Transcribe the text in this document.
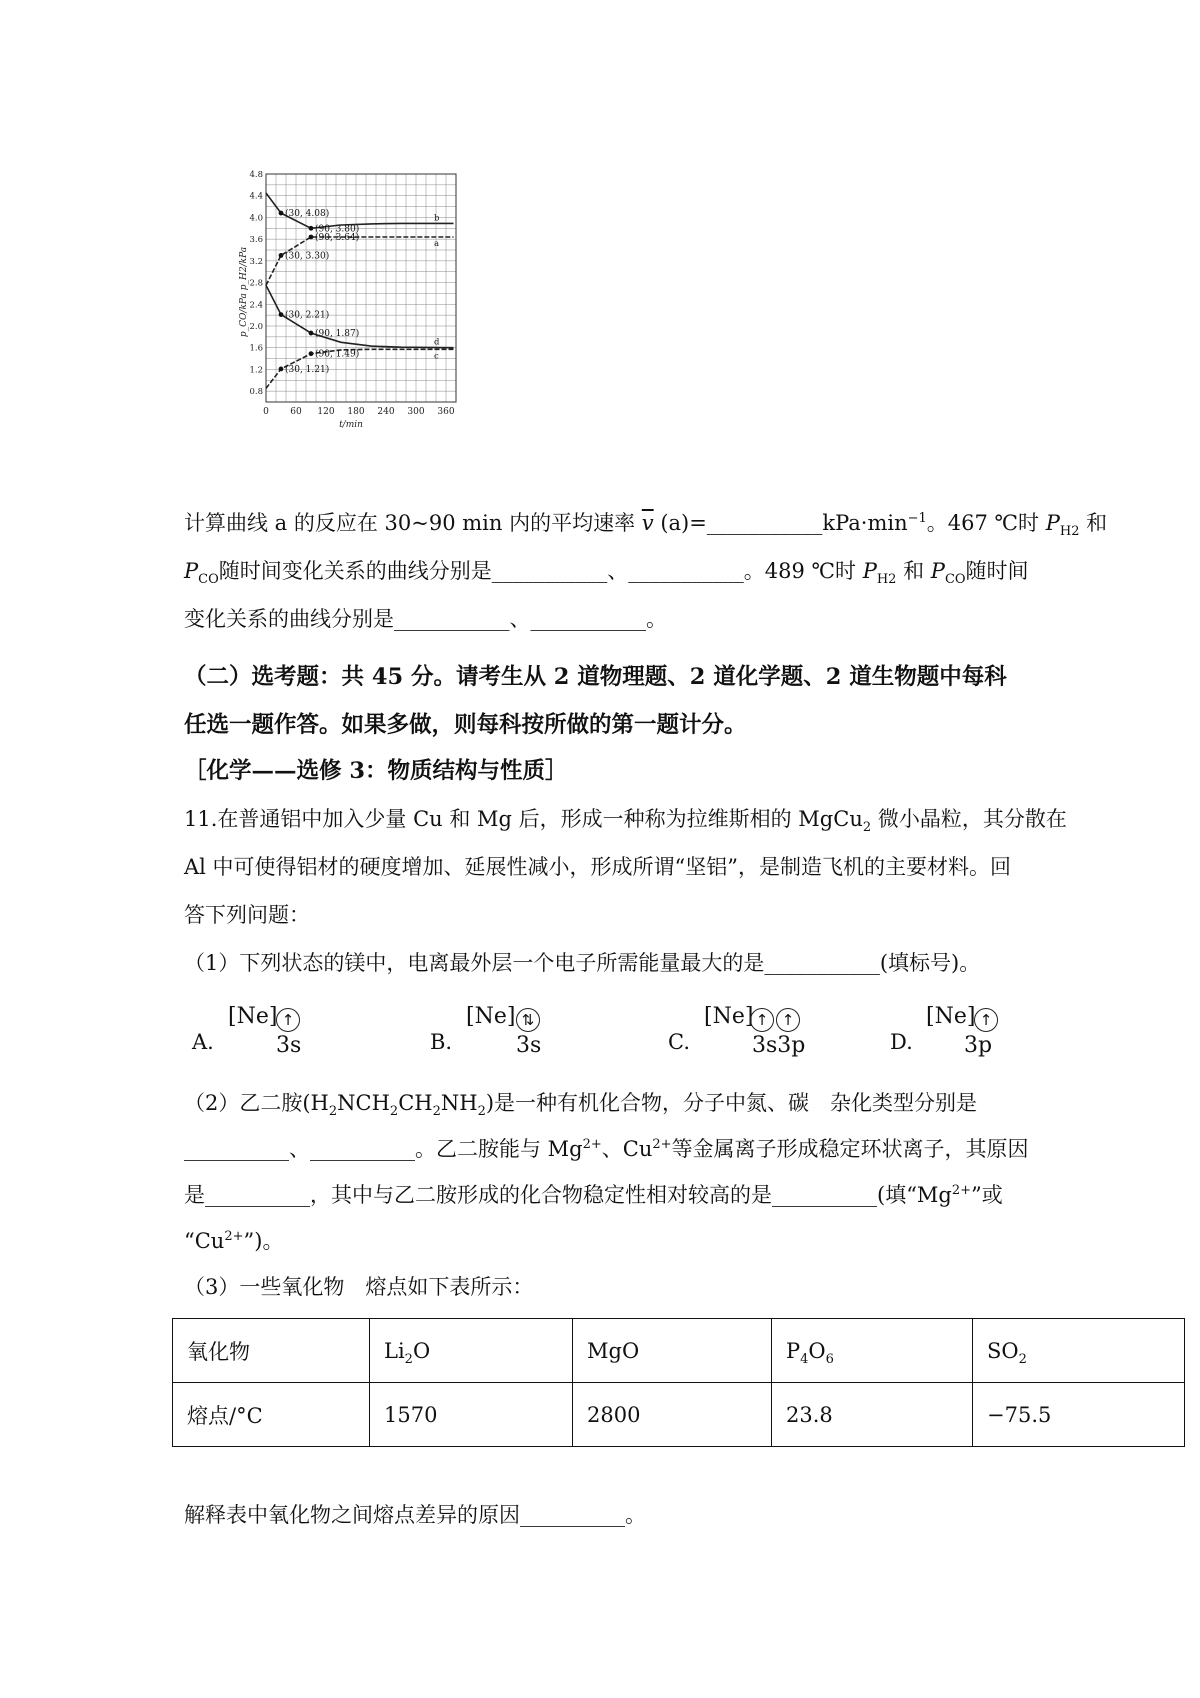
0.8
1.2
1.6
2.0
2.4
2.8
3.2
3.6
4.0
4.4
4.8
0 60 120 180 240 300 360
t/min
p_CO/kPa p_H2/kPa
a
b
c
d
(30, 4.08)
(90, 3.80)
(90, 3.64)
(30, 3.30)
(30, 2.21)
(90, 1.87)
(90, 1.49)
(30, 1.21)
计算曲线 a 的反应在 30~90 min 内的平均速率 $\overline{v}$ $(a)=\_\_\_\_\_\_\_\_\_\_\_kPa\cdot\min^{-1}$。467 ℃时 $P_{H2}$ 和
$P_{CO}$随时间变化关系的曲线分别是___________、___________。489 ℃时 $P_{H2}$ 和 $P_{CO}$随时间
变化关系的曲线分别是___________、___________。
（二）选考题：共 45 分。请考生从 2 道物理题、2 道化学题、2 道生物题中每科
任选一题作答。如果多做，则每科按所做的第一题计分。
［化学——选修 3：物质结构与性质］
11.在普通铝中加入少量 Cu 和 Mg 后，形成一种称为拉维斯相的 MgCu$_2$ 微小晶粒，其分散在
Al 中可使得铝材的硬度增加、延展性减小，形成所谓“坚铝”，是制造飞机的主要材料。回
答下列问题：
（1）下列状态的镁中，电离最外层一个电子所需能量最大的是___________(填标号)。
A.
[Ne] ↑
3s	B.
[Ne] ⇅
3s	C.
[Ne] ↑ ↑
3s3p	D.
[Ne] ↑
3p
（2）乙二胺$(H_2NCH_2CH_2NH_2)$是一种有机化合物，分子中氮、碳　杂化类型分别是
__________、__________。乙二胺能与 $Mg^{2+}$、$Cu^{2+}$等金属离子形成稳定环状离子，其原因
是__________，其中与乙二胺形成的化合物稳定性相对较高的是__________(填“$Mg^{2+}$”或
“$Cu^{2+}$”)。
（3）一些氧化物　熔点如下表所示：
氧化物	$Li_2O$	MgO	$P_4O_6$	$SO_2$
熔点/°C	1570	2800	23.8	−75.5
解释表中氧化物之间熔点差异的原因__________。
